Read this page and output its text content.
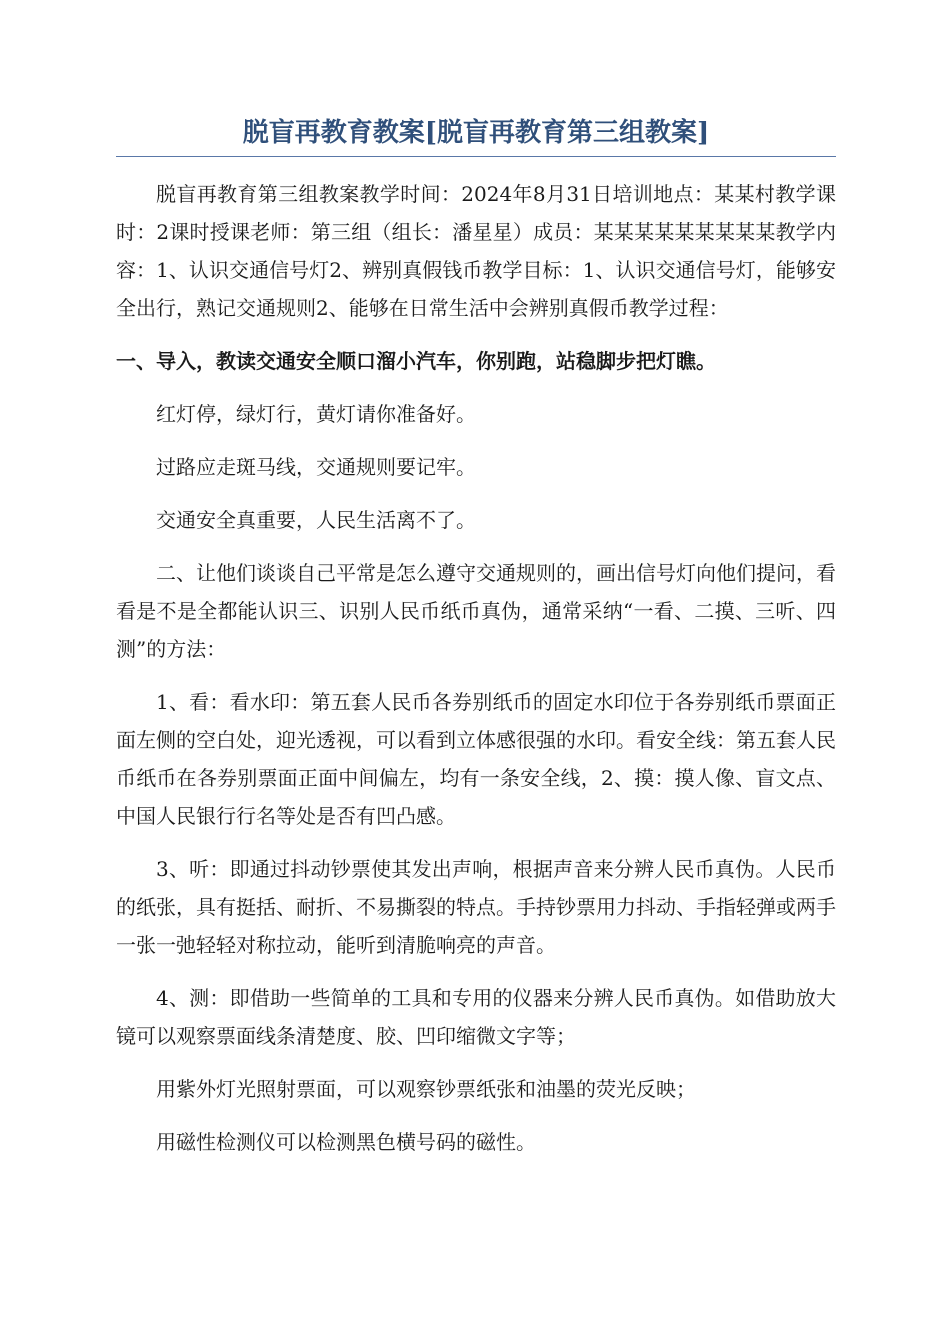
脱盲再教育教案[脱盲再教育第三组教案]

脱盲再教育第三组教案教学时间：2024年8月31日培训地点：某某村教学课时：2课时授课老师：第三组（组长：潘星星）成员：某某某某某某某某某教学内容：1、认识交通信号灯2、辨别真假钱币教学目标：1、认识交通信号灯，能够安全出行，熟记交通规则2、能够在日常生活中会辨别真假币教学过程：

一、导入，教读交通安全顺口溜小汽车，你别跑，站稳脚步把灯瞧。

红灯停，绿灯行，黄灯请你准备好。

过路应走斑马线，交通规则要记牢。

交通安全真重要，人民生活离不了。

二、让他们谈谈自己平常是怎么遵守交通规则的，画出信号灯向他们提问，看看是不是全都能认识三、识别人民币纸币真伪，通常采纳“一看、二摸、三听、四测”的方法：

1、看：看水印：第五套人民币各券别纸币的固定水印位于各券别纸币票面正面左侧的空白处，迎光透视，可以看到立体感很强的水印。看安全线：第五套人民币纸币在各券别票面正面中间偏左，均有一条安全线，2、摸：摸人像、盲文点、中国人民银行行名等处是否有凹凸感。

3、听：即通过抖动钞票使其发出声响，根据声音来分辨人民币真伪。人民币的纸张，具有挺括、耐折、不易撕裂的特点。手持钞票用力抖动、手指轻弹或两手一张一弛轻轻对称拉动，能听到清脆响亮的声音。

4、测：即借助一些简单的工具和专用的仪器来分辨人民币真伪。如借助放大镜可以观察票面线条清楚度、胶、凹印缩微文字等；

用紫外灯光照射票面，可以观察钞票纸张和油墨的荧光反映；

用磁性检测仪可以检测黑色横号码的磁性。
